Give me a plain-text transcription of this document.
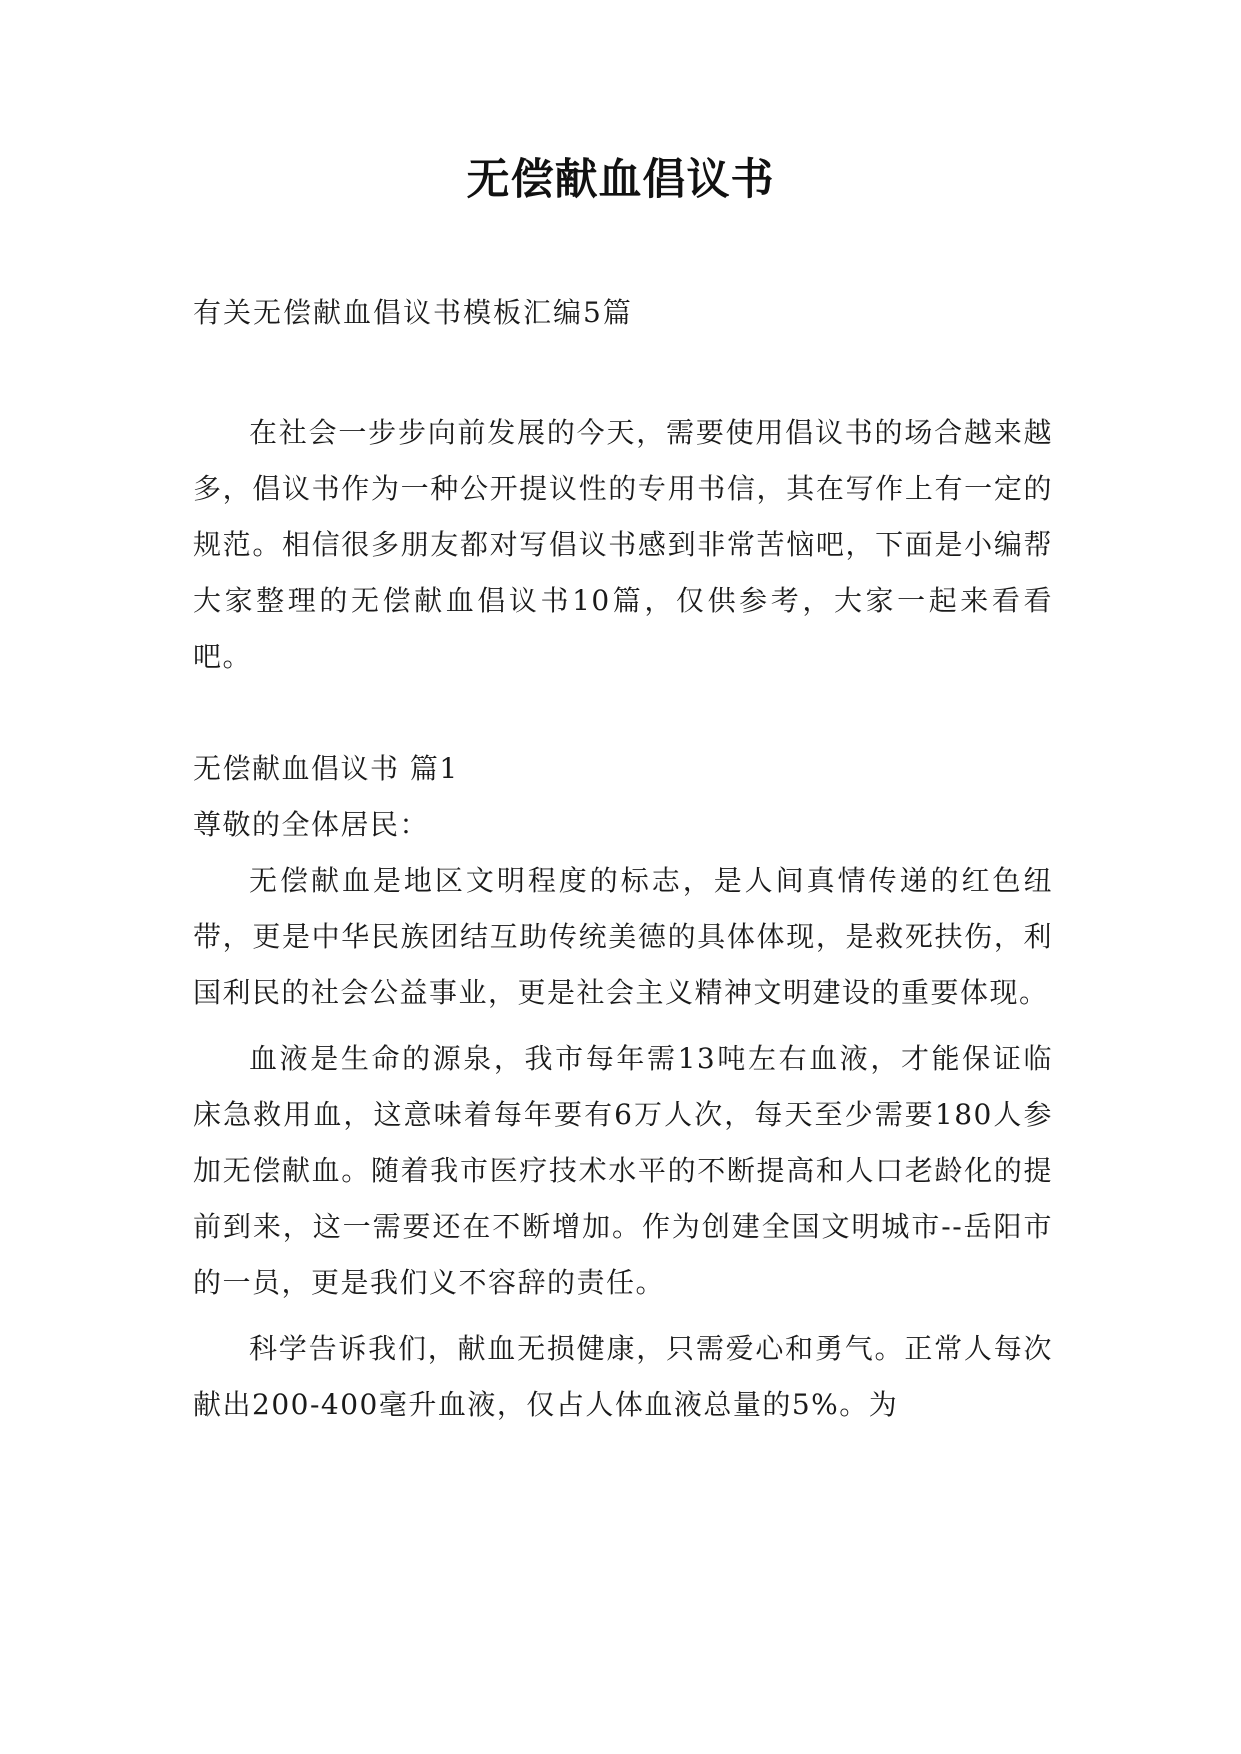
无偿献血倡议书
有关无偿献血倡议书模板汇编5篇

在社会一步步向前发展的今天，需要使用倡议书的场合越来越多，倡议书作为一种公开提议性的专用书信，其在写作上有一定的规范。相信很多朋友都对写倡议书感到非常苦恼吧，下面是小编帮大家整理的无偿献血倡议书10篇，仅供参考，大家一起来看看吧。

无偿献血倡议书 篇1

尊敬的全体居民：

无偿献血是地区文明程度的标志，是人间真情传递的红色纽带，更是中华民族团结互助传统美德的具体体现，是救死扶伤，利国利民的社会公益事业，更是社会主义精神文明建设的重要体现。

血液是生命的源泉，我市每年需13吨左右血液，才能保证临床急救用血，这意味着每年要有6万人次，每天至少需要180人参加无偿献血。随着我市医疗技术水平的不断提高和人口老龄化的提前到来，这一需要还在不断增加。作为创建全国文明城市--岳阳市的一员，更是我们义不容辞的责任。

科学告诉我们，献血无损健康，只需爱心和勇气。正常人每次献出200-400毫升血液，仅占人体血液总量的5%。为
